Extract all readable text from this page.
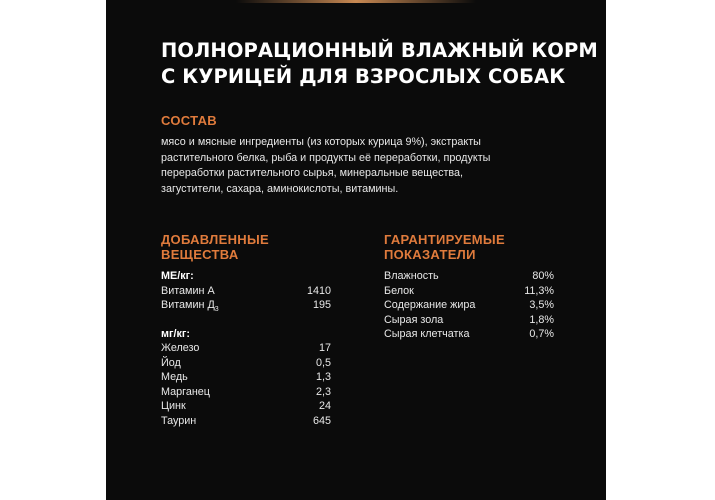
ПОЛНОРАЦИОННЫЙ ВЛАЖНЫЙ КОРМ
С КУРИЦЕЙ ДЛЯ ВЗРОСЛЫХ СОБАК
СОСТАВ

мясо и мясные ингредиенты (из которых курица 9%), экстракты
растительного белка, рыба и продукты её переработки, продукты
переработки растительного сырья, минеральные вещества,
загустители, сахара, аминокислоты, витамины.

ДОБАВЛЕННЫЕ
ВЕЩЕСТВА

МЕ/кг:

Витамин А	1410
Витамин $Д_3$	195

мг/кг:

Железо	17
Йод	0,5
Медь	1,3
Марганец	2,3
Цинк	24
Таурин	645
ГАРАНТИРУЕМЫЕ
ПОКАЗАТЕЛИ
Влажность	80%
Белок	11,3%
Содержание жира	3,5%
Сырая зола	1,8%
Сырая клетчатка	0,7%
